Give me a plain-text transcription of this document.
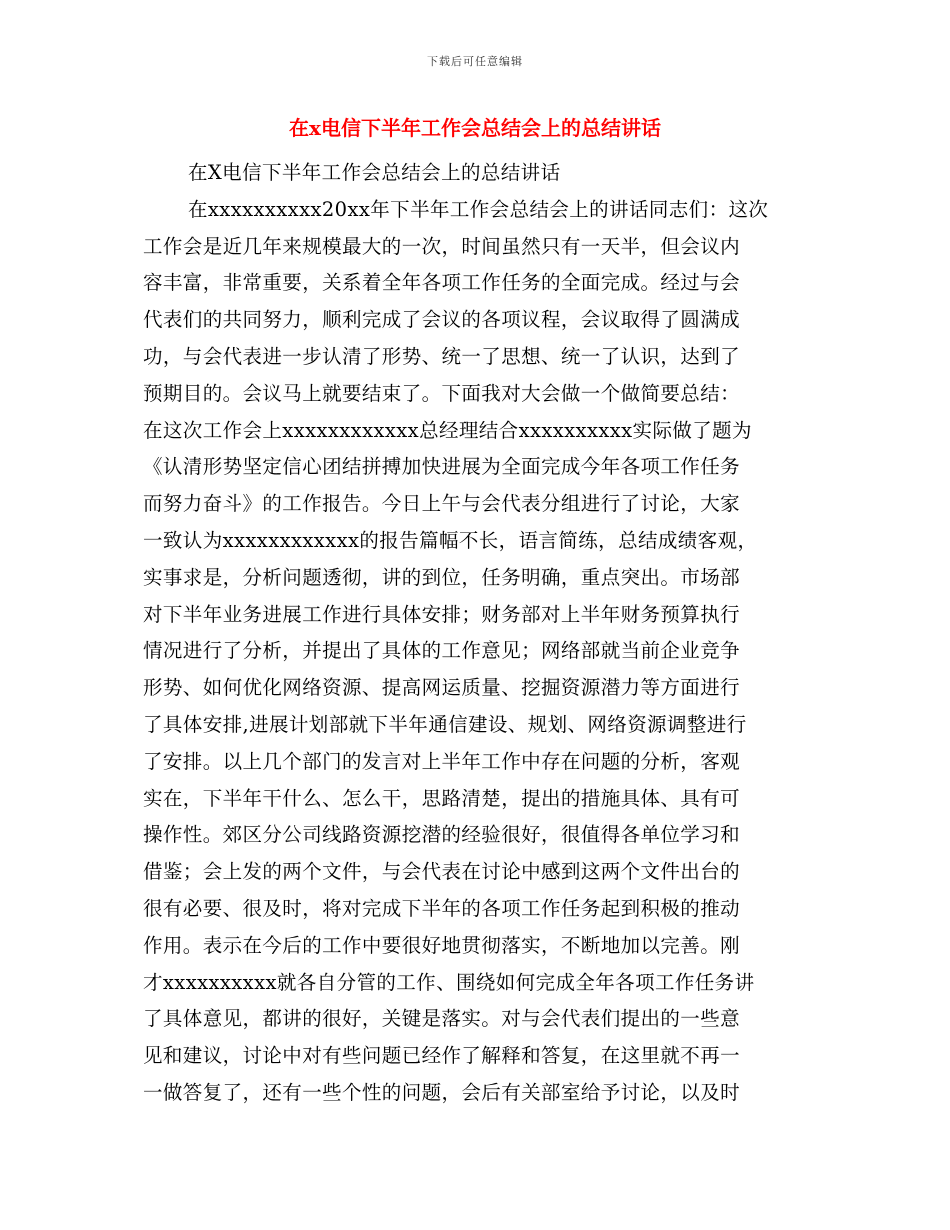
下载后可任意编辑
在x电信下半年工作会总结会上的总结讲话
在X电信下半年工作会总结会上的总结讲话
在xxxxxxxxxx20xx年下半年工作会总结会上的讲话同志们：这次
工作会是近几年来规模最大的一次，时间虽然只有一天半，但会议内
容丰富，非常重要，关系着全年各项工作任务的全面完成。经过与会
代表们的共同努力，顺利完成了会议的各项议程，会议取得了圆满成
功，与会代表进一步认清了形势、统一了思想、统一了认识，达到了
预期目的。会议马上就要结束了。下面我对大会做一个做简要总结：
在这次工作会上xxxxxxxxxxxx总经理结合xxxxxxxxxx实际做了题为
《认清形势坚定信心团结拼搏加快进展为全面完成今年各项工作任务
而努力奋斗》的工作报告。今日上午与会代表分组进行了讨论，大家
一致认为xxxxxxxxxxxx的报告篇幅不长，语言简练，总结成绩客观，
实事求是，分析问题透彻，讲的到位，任务明确，重点突出。市场部
对下半年业务进展工作进行具体安排；财务部对上半年财务预算执行
情况进行了分析，并提出了具体的工作意见；网络部就当前企业竞争
形势、如何优化网络资源、提高网运质量、挖掘资源潜力等方面进行
了具体安排,进展计划部就下半年通信建设、规划、网络资源调整进行
了安排。以上几个部门的发言对上半年工作中存在问题的分析，客观
实在，下半年干什么、怎么干，思路清楚，提出的措施具体、具有可
操作性。郊区分公司线路资源挖潜的经验很好，很值得各单位学习和
借鉴；会上发的两个文件，与会代表在讨论中感到这两个文件出台的
很有必要、很及时，将对完成下半年的各项工作任务起到积极的推动
作用。表示在今后的工作中要很好地贯彻落实，不断地加以完善。刚
才xxxxxxxxxx就各自分管的工作、围绕如何完成全年各项工作任务讲
了具体意见，都讲的很好，关键是落实。对与会代表们提出的一些意
见和建议，讨论中对有些问题已经作了解释和答复，在这里就不再一
一做答复了，还有一些个性的问题，会后有关部室给予讨论，以及时
